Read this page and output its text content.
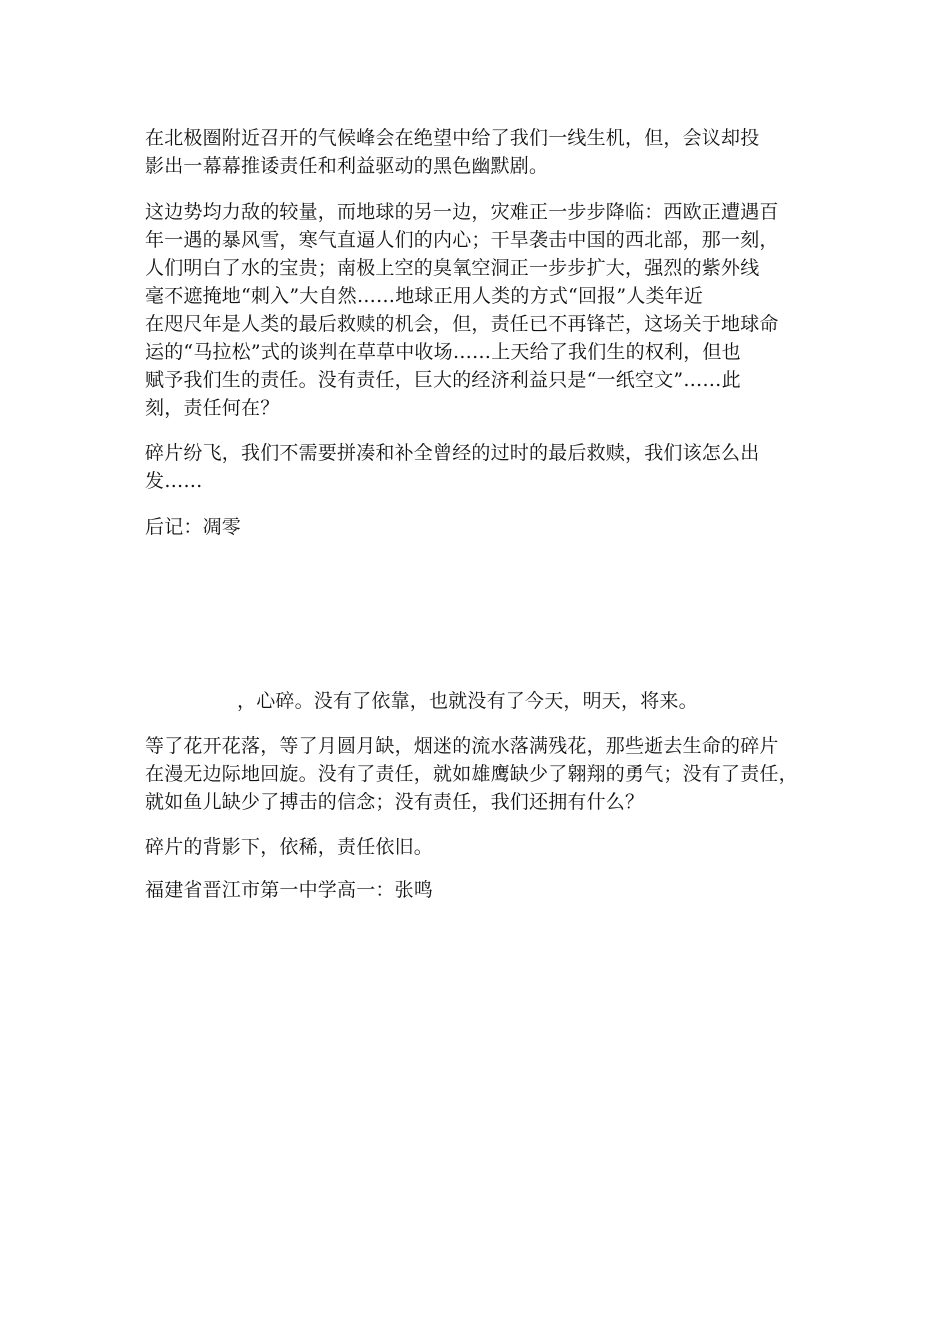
在北极圈附近召开的气候峰会在绝望中给了我们一线生机，但，会议却投
影出一幕幕推诿责任和利益驱动的黑色幽默剧。

这边势均力敌的较量，而地球的另一边，灾难正一步步降临：西欧正遭遇百
年一遇的暴风雪，寒气直逼人们的内心；干旱袭击中国的西北部，那一刻，
人们明白了水的宝贵；南极上空的臭氧空洞正一步步扩大，强烈的紫外线
毫不遮掩地“刺入”大自然……地球正用人类的方式“回报”人类年近
在咫尺年是人类的最后救赎的机会，但，责任已不再锋芒，这场关于地球命
运的“马拉松”式的谈判在草草中收场……上天给了我们生的权利，但也
赋予我们生的责任。没有责任，巨大的经济利益只是“一纸空文”……此
刻，责任何在？

碎片纷飞，我们不需要拼凑和补全曾经的过时的最后救赎，我们该怎么出
发……

后记：凋零

，心碎。没有了依靠，也就没有了今天，明天，将来。

等了花开花落，等了月圆月缺，烟迷的流水落满残花，那些逝去生命的碎片
在漫无边际地回旋。没有了责任，就如雄鹰缺少了翱翔的勇气；没有了责任，
就如鱼儿缺少了搏击的信念；没有责任，我们还拥有什么？

碎片的背影下，依稀，责任依旧。

福建省晋江市第一中学高一：张鸣
